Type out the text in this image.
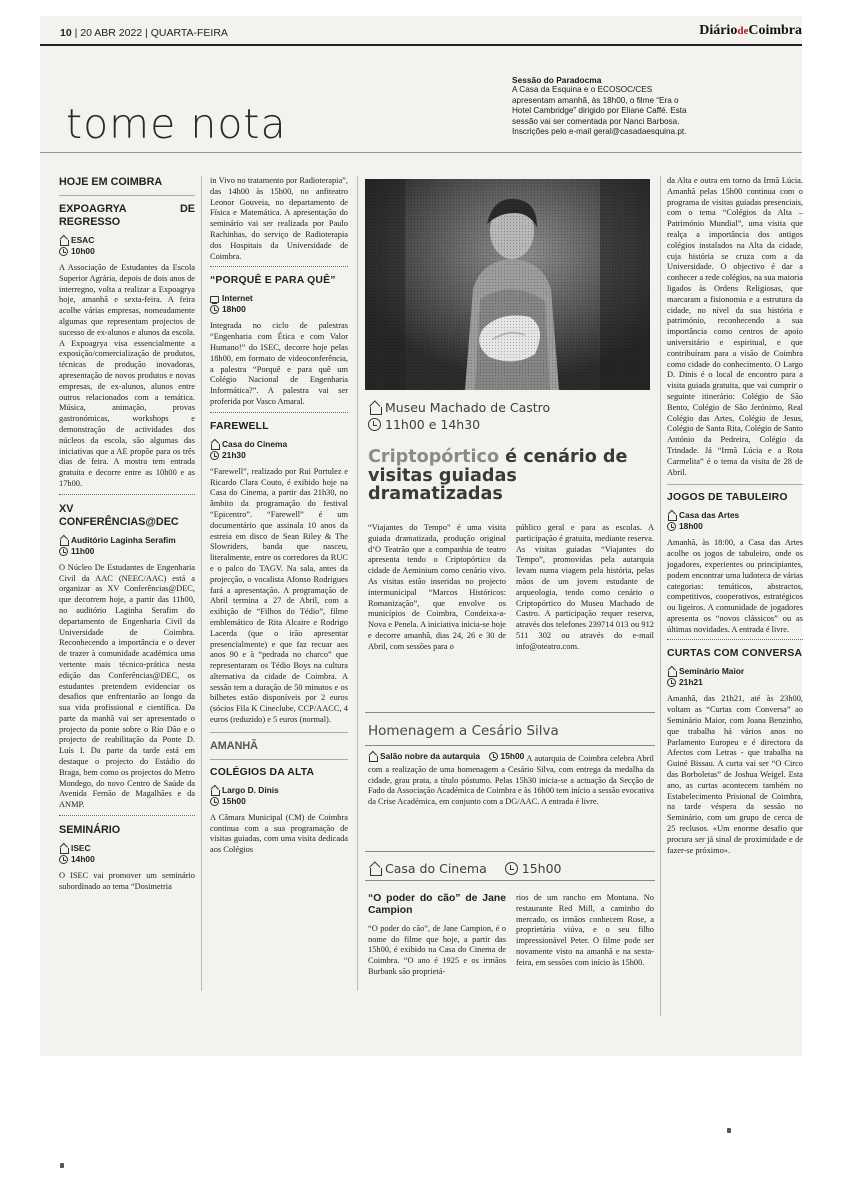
10 | 20 ABR 2022 | QUARTA-FEIRA	DiáriodeCoimbra
tome nota
Sessão do Paradocma
A Casa da Esquina e o ECOSOC/CES apresentam amanhã, às 18h00, o filme “Era o Hotel Cambridge” dirigido por Eliane Caffé. Esta sessão vai ser comentada por Nanci Barbosa. Inscrições pelo e-mail geral@casadaesquina.pt.
HOJE EM COIMBRA
EXPOAGRYA DE REGRESSO
ESAC
10h00

A Associação de Estudantes da Escola Superior Agrária, depois de dois anos de interregno, volta a realizar a Expoagrya hoje, amanhã e sexta-feira. A feira acolhe várias empresas, nomeadamente algumas que representam projectos de sucesso de ex-alunos e alunos da escola. A Expoagrya visa essencialmente a exposição/comercialização de produtos, técnicas de produção inovadoras, apresentação de novos produtos e novas empresas, de ex-alunos, alunos entre outros relacionados com a temática. Música, animação, provas gastronómicas, workshops e demonstração de actividades dos núcleos da escola, são algumas das iniciativas que a AE propõe para os três dias de feira. A mostra tem entrada gratuita e decorre entre as 10h00 e as 17h00.

XV CONFERÊNCIAS@DEC
Auditório Laginha Serafim
11h00

O Núcleo De Estudantes de Engenharia Civil da AAC (NEEC/AAC) está a organizar as XV Conferências@DEC, que decorrem hoje, a partir das 11h00, no auditório Laginha Serafim do departamento de Engenharia Civil da Universidade de Coimbra. Reconhecendo a importância e o dever de trazer à comunidade académica uma vertente mais técnico-prática nesta edição das Conferências@DEC, os estudantes pretendem evidenciar os desafios que enfrentarão ao longo da sua vida profissional e científica. Da parte da manhã vai ser apresentado o projecto da ponte sobre o Rio Dão e o projecto de reabilitação da Ponte D. Luís I. Da parte da tarde está em destaque o projecto do Estádio do Braga, bem como os projectos do Metro Mondego, do novo Centro de Saúde da Avenida Fernão de Magalhães e da ANMP.

SEMINÁRIO
ISEC
14h00

O ISEC vai promover um seminário subordinado ao tema “Dosimetria

in Vivo no tratamento por Radioterapia”, das 14h00 às 15h00, no anfiteatro Leonor Gouveia, no departamento de Física e Matemática. A apresentação do seminário vai ser realizada por Paulo Rachinhas, do serviço de Radioterapia dos Hospitais da Universidade de Coimbra.

“PORQUÊ E PARA QUÊ”
Internet
18h00

Integrada no ciclo de palestras “Engenharia com Ética e com Valor Humano!” do ISEC, decorre hoje pelas 18h00, em formato de videoconferência, a palestra “Porquê e para quê um Colégio Nacional de Engenharia Informática?”. A palestra vai ser proferida por Vasco Amaral.

FAREWELL
Casa do Cinema
21h30

“Farewell”, realizado por Rui Portulez e Ricardo Clara Couto, é exibido hoje na Casa do Cinema, a partir das 21h30, no âmbito da programação do festival “Epicentro”. “Farewell” é um documentário que assinala 10 anos da estreia em disco de Sean Riley & The Slowriders, banda que nasceu, literalmente, entre os corredores da RUC e o palco do TAGV. Na sala, antes da projecção, o vocalista Afonso Rodrigues fará a apresentação. A programação de Abril termina a 27 de Abril, com a exibição de “Filhos do Tédio”, filme emblemático de Rita Alcaire e Rodrigo Lacerda (que o irão apresentar presencialmente) e que faz recuar aos anos 90 e à “pedrada no charco” que representaram os Tédio Boys na cultura alternativa da cidade de Coimbra. A sessão tem a duração de 50 minutos e os bilhetes estão disponíveis por 2 euros (sócios Fila K Cineclube, CCP/AACC, 4 euros (reduzido) e 5 euros (normal).

AMANHÃ
COLÉGIOS DA ALTA
Largo D. Dinis
15h00

A Câmara Municipal (CM) de Coimbra continua com a sua programação de visitas guiadas, com uma visita dedicada aos Colégios

Museu Machado de Castro
11h00 e 14h30
Criptopórtico é cenário de visitas guiadas dramatizadas
“Viajantes do Tempo” é uma visita guiada dramatizada, produção original d’O Teatrão que a companhia de teatro apresenta tendo o Criptopórtico da cidade de Aeminium como cenário vivo. As visitas estão inseridas no projecto intermunicipal “Marcos Históricos: Romanização”, que envolve os municípios de Coimbra, Condeixa-a-Nova e Penela. A iniciativa inicia-se hoje e decorre amanhã, dias 24, 26 e 30 de Abril, com sessões para o
público geral e para as escolas. A participação é gratuita, mediante reserva. As visitas guiadas “Viajantes do Tempo”, promovidas pela autarquia levam numa viagem pela história, pelas mãos de um jovem estudante de arqueologia, tendo como cenário o Criptopórtico do Museu Machado de Castro. A participação requer reserva, através dos telefones 239714 013 ou 912 511 302 ou através do e-mail info@oteatro.com.
Homenagem a Cesário Silva
Salão nobre da autarquia
15h00 A autarquia de Coimbra celebra Abril com a realização de uma homenagem a Cesário Silva, com entrega da medalha da cidade, grau prata, a título póstumo. Pelas 15h30 inicia-se a actuação da Secção de Fado da Associação Académica de Coimbra e às 16h00 tem início a sessão evocativa da Crise Académica, em conjunto com a DG/AAC. A entrada é livre.
Casa do Cinema	15h00
“O poder do cão” de Jane Campion

“O poder do cão”, de Jane Campion, é o nome do filme que hoje, a partir das 15h00, é exibido na Casa do Cinema de Coimbra. “O ano é 1925 e os irmãos Burbank são proprietá-

rios de um rancho em Montana. No restaurante Red Mill, a caminho do mercado, os irmãos conhecem Rose, a proprietária viúva, e o seu filho impressionável Peter. O filme pode ser novamente visto na amanhã e na sexta-feira, em sessões com início às 15h00.

da Alta e outra em torno da Irmã Lúcia. Amanhã pelas 15h00 continua com o programa de visitas guiadas presenciais, com o tema “Colégios da Alta – Património Mundial”, uma visita que realça a importância dos antigos colégios instalados na Alta da cidade, cuja história se cruza com a da Universidade. O objectivo é dar a conhecer a rede colégios, na sua maioria ligados às Ordens Religiosas, que marcaram a fisionomia e a estrutura da cidade, no nível da sua história e património, reconhecendo a sua importância como centros de apoio universitário e espiritual, e que contribuíram para a visão de Coimbra como cidade do conhecimento. O Largo D. Dinis é o local de encontro para a visita guiada gratuita, que vai cumprir o seguinte itinerário: Colégio de São Bento, Colégio de São Jerónimo, Real Colégio das Artes, Colégio de Jesus, Colégio de Santa Rita, Colégio de Santo António da Pedreira, Colégio da Trindade. Já “Irmã Lúcia e a Rota Carmelita” é o tema da visita de 28 de Abril.

JOGOS DE TABULEIRO
Casa das Artes
18h00

Amanhã, às 18:00, a Casa das Artes acolhe os jogos de tabuleiro, onde os jogadores, experientes ou principiantes, podem encontrar uma ludoteca de várias categorias: temáticos, abstractos, competitivos, cooperativos, estratégicos ou ligeiros. A comunidade de jogadores apresenta os “novos clássicos” ou as últimas novidades. A entrada é livre.

CURTAS COM CONVERSA
Seminário Maior
21h21

Amanhã, das 21h21, até às 23h00, voltam as “Curtas com Conversa” ao Seminário Maior, com Joana Benzinho, que trabalha há vários anos no Parlamento Europeu e é directora da Afectos com Letras - que trabalha na Guiné Bissau. A curta vai ser “O Circo das Borboletas” de Joshua Weigel. Esta ano, as curtas acontecem também no Estabelecimento Prisional de Coimbra, na tarde véspera da sessão no Seminário, com um grupo de cerca de 25 reclusos. «Um enorme desafio que procura ser já sinal de proximidade e de fazer-se próximo».
